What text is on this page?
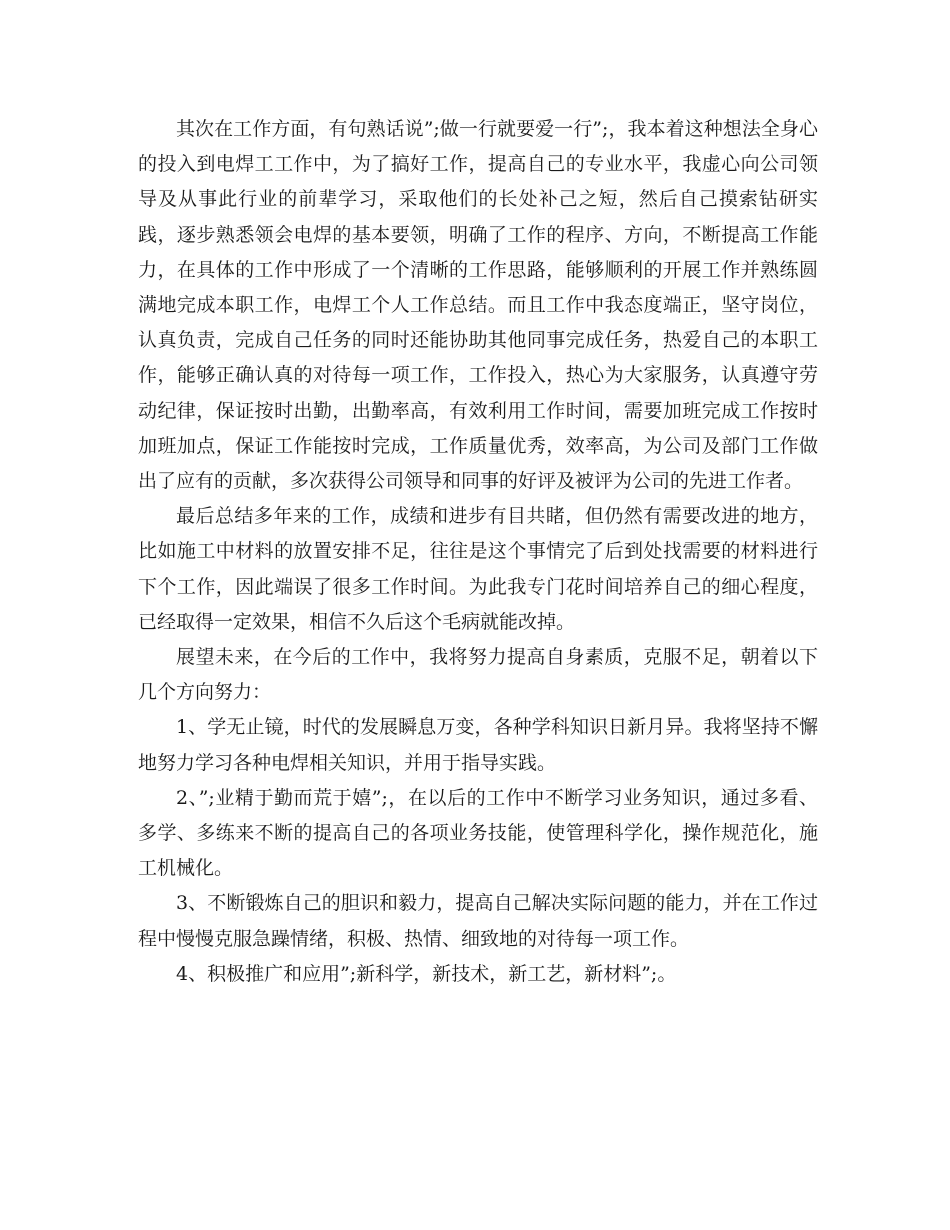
其次在工作方面，有句熟话说”;做一行就要爱一行”;，我本着这种想法全身心的投入到电焊工工作中，为了搞好工作，提高自己的专业水平，我虚心向公司领导及从事此行业的前辈学习，采取他们的长处补己之短，然后自己摸索钻研实践，逐步熟悉领会电焊的基本要领，明确了工作的程序、方向，不断提高工作能力，在具体的工作中形成了一个清晰的工作思路，能够顺利的开展工作并熟练圆满地完成本职工作，电焊工个人工作总结。而且工作中我态度端正，坚守岗位，认真负责，完成自己任务的同时还能协助其他同事完成任务，热爱自己的本职工作，能够正确认真的对待每一项工作，工作投入，热心为大家服务，认真遵守劳动纪律，保证按时出勤，出勤率高，有效利用工作时间，需要加班完成工作按时加班加点，保证工作能按时完成，工作质量优秀，效率高，为公司及部门工作做出了应有的贡献，多次获得公司领导和同事的好评及被评为公司的先进工作者。

最后总结多年来的工作，成绩和进步有目共睹，但仍然有需要改进的地方，比如施工中材料的放置安排不足，往往是这个事情完了后到处找需要的材料进行下个工作，因此端误了很多工作时间。为此我专门花时间培养自己的细心程度，已经取得一定效果，相信不久后这个毛病就能改掉。

展望未来，在今后的工作中，我将努力提高自身素质，克服不足，朝着以下几个方向努力：

1、学无止镜，时代的发展瞬息万变，各种学科知识日新月异。我将坚持不懈地努力学习各种电焊相关知识，并用于指导实践。

2、”;业精于勤而荒于嬉”;，在以后的工作中不断学习业务知识，通过多看、多学、多练来不断的提高自己的各项业务技能，使管理科学化，操作规范化，施工机械化。

3、不断锻炼自己的胆识和毅力，提高自己解决实际问题的能力，并在工作过程中慢慢克服急躁情绪，积极、热情、细致地的对待每一项工作。

4、积极推广和应用”;新科学，新技术，新工艺，新材料”;。
